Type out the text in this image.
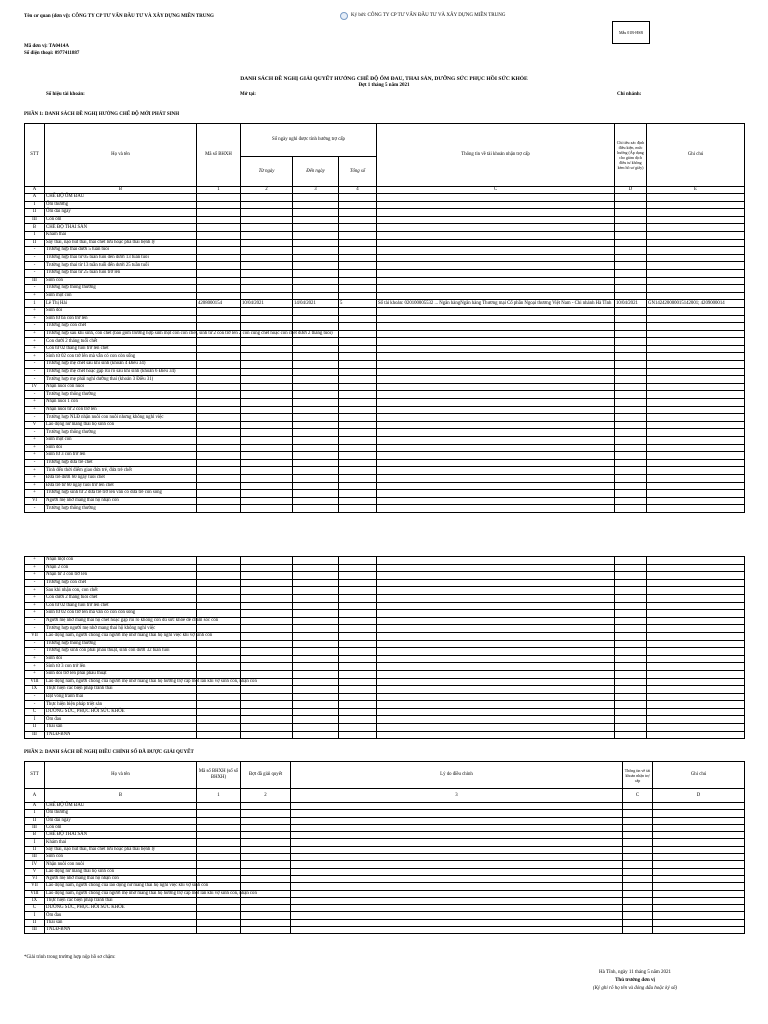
Tên cơ quan (đơn vị): CÔNG TY CP TƯ VẤN ĐẦU TƯ VÀ XÂY DỰNG MIỀN TRUNG	Ký bởi: CÔNG TY CP TƯ VẤN ĐẦU TƯ VÀ XÂY DỰNG MIỀN TRUNG
Mẫu 01B-HSB
Mã đơn vị: TA0414A
Số điện thoại: 0977411887
DANH SÁCH ĐỀ NGHỊ GIẢI QUYẾT HƯỞNG CHẾ ĐỘ ỐM ĐAU, THAI SẢN, DƯỠNG SỨC PHỤC HỒI SỨC KHỎE
Đợt 1 tháng 5 năm 2021
Số hiệu tài khoản:	Mở tại:	Chi nhánh:
PHẦN 1: DANH SÁCH ĐỀ NGHỊ HƯỞNG CHẾ ĐỘ MỚI PHÁT SINH
STT	Họ và tên	Mã số BHXH	Số ngày nghỉ được tính hưởng trợ cấp			Thông tin về tài khoản nhận trợ cấp	Chỉ tiêu xác định điều kiện, mức hưởng (Áp dụng cho giảm dịch điều tư không kèm hồ sơ giấy)	Ghi chú
			Từ ngày	Đến ngày	Tổng số			
A	B	1	2	3	4	C	D	E
A	CHẾ ĐỘ ỐM ĐAU							
I	Ốm thường							
II	Ốm dài ngày							
III	Con ốm							
B	CHẾ ĐỘ THAI SẢN							
I	Khám thai							
II	Sẩy thai, nạo hút thai, thai chết lưu hoặc phá thai bệnh lý							
-	Trường hợp thai dưới 5 tuần tuổi							
-	Trường hợp thai từ 05 tuần tuổi đến dưới 13 tuần tuổi							
-	Trường hợp thai từ 13 tuần tuổi đến dưới 25 tuần tuổi							
-	Trường hợp thai từ 25 tuần tuổi trở lên							
III	Sinh con							
-	Trường hợp thông thường							
+	Sinh một con							
1	Lê Thị Hải	4208000154	10/04/2021	14/04/2021	5	Số tài khoản: 020100005532 ... Ngân hàngNgân hàng Thương mại Cổ phần Ngoại thương Việt Nam - Chi nhánh Hà Tĩnh	10/04/2021	GN142420000015142001; 4209000014
+	Sinh đôi							
+	Sinh từ ba con trở lên							
-	Trường hợp con chết							
+	Trường hợp sau khi sinh, con chết (bao gồm trường hợp sinh một con con chết, sinh từ 2 con trở lên 2 con cùng chết hoặc con chết dưới 2 tháng tuổi)							
+	Con dưới 2 tháng tuổi chết							
+	Con từ 02 tháng tuổi trở lên chết							
+	Sinh từ 02 con trở lên mà vẫn có con còn sống							
-	Trường hợp mẹ chết sau khi sinh (khoản 4 Điều 34)							
-	Trường hợp mẹ chết hoặc gặp rủi ro sau khi sinh (khoản 6 Điều 34)							
-	Trường hợp mẹ phải nghỉ dưỡng thai (khoản 3 Điều 31)							
IV	Nhận nuôi con nuôi							
-	Trường hợp thông thường							
+	Nhận nuôi 1 con							
+	Nhận nuôi từ 2 con trở lên							
-	Trường hợp NLĐ nhận nuôi con nuôi nhưng không nghỉ việc							
V	Lao động nữ mang thai hộ sinh con							
-	Trường hợp thông thường							
+	Sinh một con							
+	Sinh đôi							
+	Sinh từ 3 con trở lên							
-	Trường hợp đứa trẻ chết							
+	Tính đến thời điểm giao đứa trẻ, đứa trẻ chết							
+	Đứa trẻ dưới 60 ngày tuổi chết							
+	Đứa trẻ từ 60 ngày tuổi trở lên chết							
+	Trường hợp sinh từ 2 đứa trẻ trở lên vẫn có đứa trẻ còn sống							
VI	Người mẹ nhờ mang thai hộ nhận con							
-	Trường hợp thông thường							
+	Nhận một con							
+	Nhận 2 con							
+	Nhận từ 3 con trở lên							
-	Trường hợp con chết							
+	Sau khi nhận con, con chết							
+	Con dưới 2 tháng tuổi chết							
+	Con từ 02 tháng tuổi trở lên chết							
+	Sinh từ 02 con trở lên mà vẫn có con còn sống							
-	Người mẹ nhờ mang thai hộ chết hoặc gặp rủi ro không còn đủ sức khỏe để chăm sóc con							
-	Trường hợp người mẹ nhờ mang thai hộ không nghỉ việc							
VII	Lao động nam, người chồng của người mẹ nhờ mang thai hộ nghỉ việc khi vợ sinh con							
-	Trường hợp thông thường							
-	Trường hợp sinh con phải phẫu thuật, sinh con dưới 32 tuần tuổi							
+	Sinh đôi							
+	Sinh từ 3 con trở lên							
+	Sinh đôi trở lên phải phẫu thuật							
VIII	Lao động nam, người chồng của người mẹ nhờ mang thai hộ hưởng trợ cấp một lần khi vợ sinh con, nhận con							
IX	Thực hiện các biện pháp tránh thai							
-	Đặt vòng tránh thai							
-	Thực hiện biện pháp triệt sản							
C	DƯỠNG SỨC, PHỤC HỒI SỨC KHỎE							
I	Ốm đau							
II	Thai sản							
III	TNLĐ-BNN							
PHẦN 2: DANH SÁCH ĐỀ NGHỊ ĐIỀU CHỈNH SỐ ĐÃ ĐƯỢC GIẢI QUYẾT
STT	Họ và tên	Mã số BHXH (số sổ BHXH)	Đợt đã giải quyết	Lý do điều chỉnh	Thông tin về tài khoản nhận trợ cấp	Ghi chú
A	B	1	2	3	C	D
A	CHẾ ĐỘ ỐM ĐAU					
I	Ốm thường					
II	Ốm dài ngày					
III	Con ốm					
B	CHẾ ĐỘ THAI SẢN					
I	Khám thai					
II	Sẩy thai, nạo hút thai, thai chết lưu hoặc phá thai bệnh lý					
III	Sinh con					
IV	Nhận nuôi con nuôi					
V	Lao động nữ mang thai hộ sinh con					
VI	Người mẹ nhờ mang thai hộ nhận con					
VII	Lao động nam, người chồng của lao động nữ mang thai hộ nghỉ việc khi vợ sinh con					
VIII	Lao động nam, người chồng của người mẹ nhờ mang thai hộ hưởng trợ cấp một lần khi vợ sinh con, nhận con					
IX	Thực hiện các biện pháp tránh thai					
C	DƯỠNG SỨC, PHỤC HỒI SỨC KHỎE					
I	Ốm đau					
II	Thai sản					
III	TNLĐ-BNN					
*Giải trình trong trường hợp nộp hồ sơ chậm:
Hà Tĩnh, ngày 11 tháng 5 năm 2021
Thủ trưởng đơn vị
(Ký ghi rõ họ tên và đóng dấu hoặc ký số)
